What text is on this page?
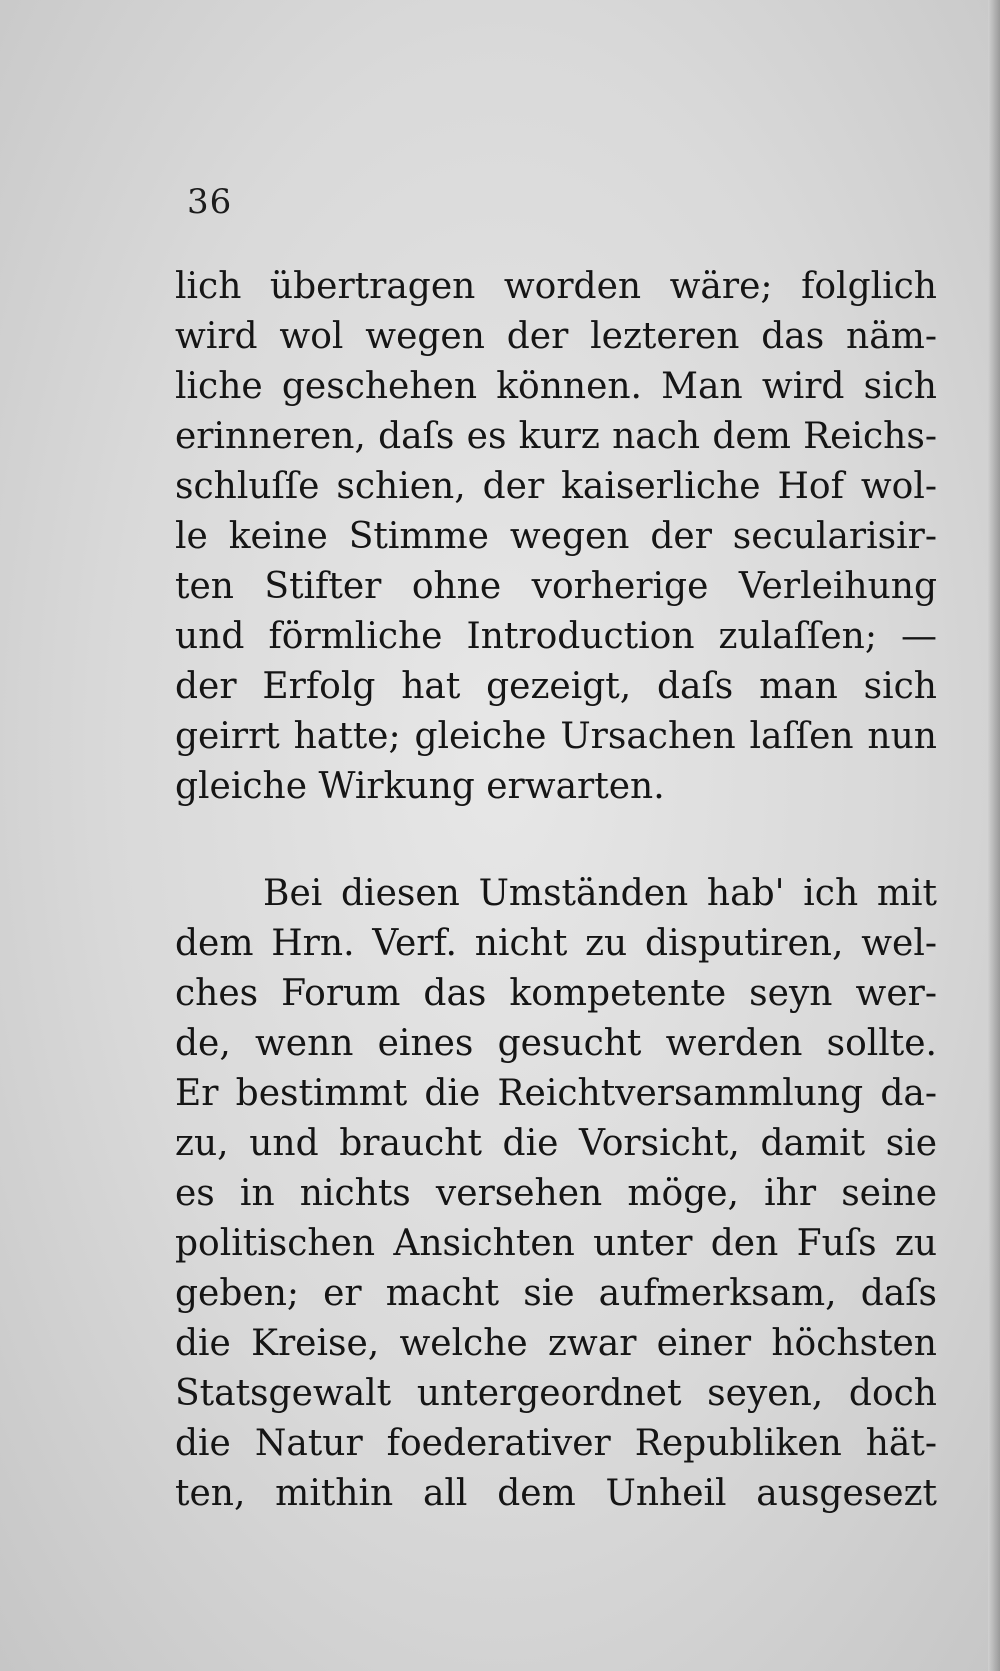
36
lich übertragen worden wäre; folglich
wird wol wegen der lezteren das näm-
liche geschehen können. Man wird sich
erinneren, daſs es kurz nach dem Reichs-
schluſſe schien, der kaiserliche Hof wol-
le keine Stimme wegen der secularisir-
ten Stifter ohne vorherige Verleihung
und förmliche Introduction zulaſſen; —
der Erfolg hat gezeigt, daſs man sich
geirrt hatte; gleiche Ursachen laſſen nun
gleiche Wirkung erwarten.
Bei diesen Umständen hab' ich mit
dem Hrn. Verf. nicht zu disputiren, wel-
ches Forum das kompetente seyn wer-
de, wenn eines gesucht werden sollte.
Er bestimmt die Reichtversammlung da-
zu, und braucht die Vorsicht, damit sie
es in nichts versehen möge, ihr seine
politischen Ansichten unter den Fuſs zu
geben; er macht sie aufmerksam, daſs
die Kreise, welche zwar einer höchsten
Statsgewalt untergeordnet seyen, doch
die Natur foederativer Republiken hät-
ten, mithin all dem Unheil ausgesezt
